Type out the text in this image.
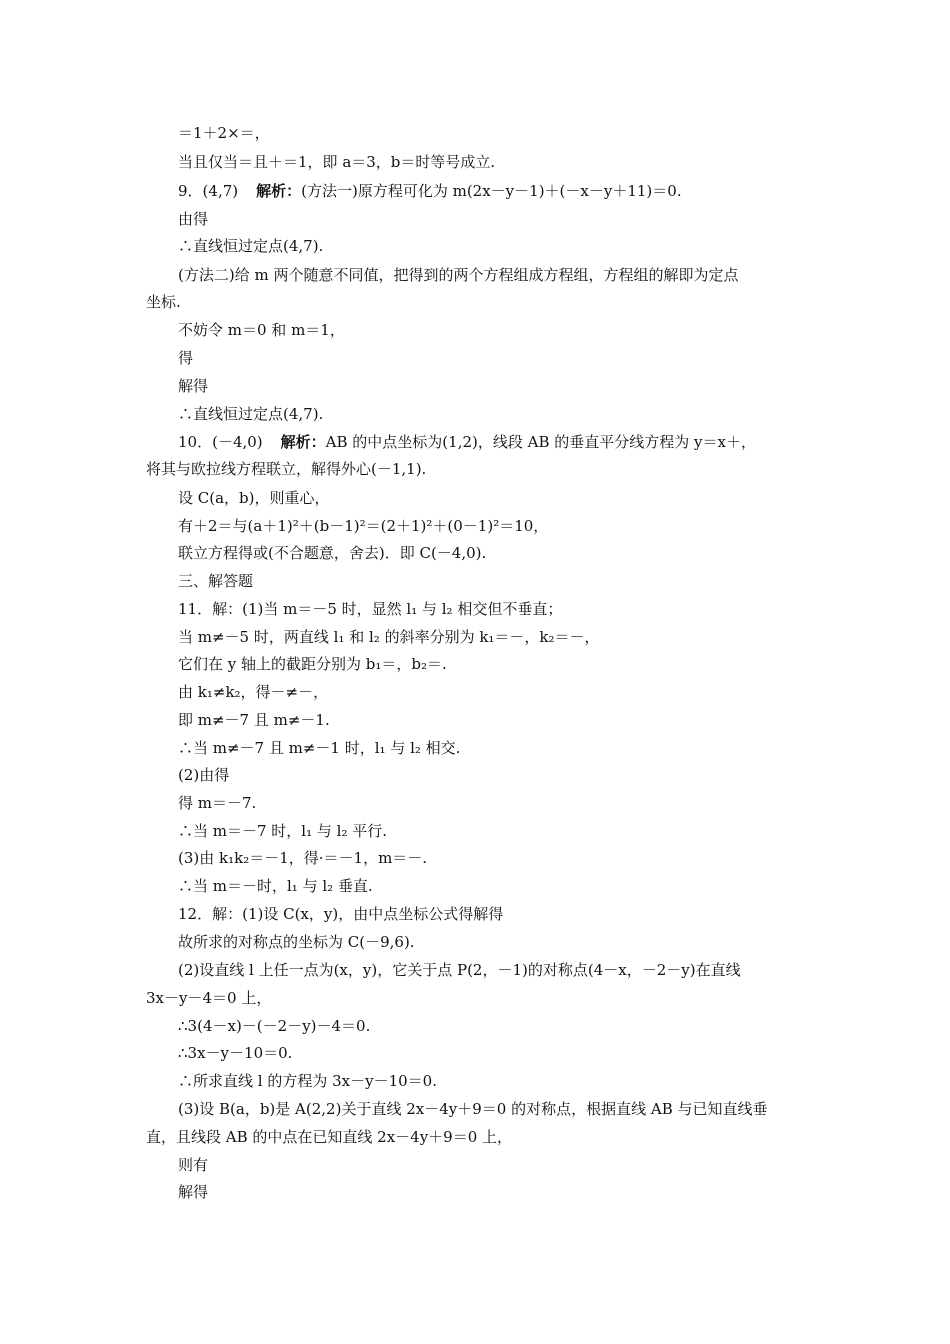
＝1＋2×＝，

当且仅当＝且＋＝1，即 a＝3，b＝时等号成立.

9．(4,7) 解析：(方法一)原方程可化为 m(2x－y－1)＋(－x－y＋11)＝0.

由得

∴直线恒过定点(4,7).

(方法二)给 m 两个随意不同值，把得到的两个方程组成方程组，方程组的解即为定点

坐标.

不妨令 m＝0 和 m＝1，

得

解得

∴直线恒过定点(4,7).

10．(－4,0) 解析：AB 的中点坐标为(1,2)，线段 AB 的垂直平分线方程为 y＝x＋，

将其与欧拉线方程联立，解得外心(－1,1).

设 C(a，b)，则重心，

有＋2＝与(a＋1)²＋(b－1)²＝(2＋1)²＋(0－1)²＝10，

联立方程得或(不合题意，舍去)．即 C(－4,0).

三、解答题

11．解：(1)当 m＝－5 时，显然 l₁ 与 l₂ 相交但不垂直；

当 m≠－5 时，两直线 l₁ 和 l₂ 的斜率分别为 k₁＝－，k₂＝－，

它们在 y 轴上的截距分别为 b₁＝，b₂＝.

由 k₁≠k₂，得－≠－，

即 m≠－7 且 m≠－1.

∴当 m≠－7 且 m≠－1 时，l₁ 与 l₂ 相交.

(2)由得

得 m＝－7.

∴当 m＝－7 时，l₁ 与 l₂ 平行.

(3)由 k₁k₂＝－1，得·＝－1，m＝－.

∴当 m＝－时，l₁ 与 l₂ 垂直.

12．解：(1)设 C(x，y)，由中点坐标公式得解得

故所求的对称点的坐标为 C(－9,6).

(2)设直线 l 上任一点为(x，y)，它关于点 P(2，－1)的对称点(4－x，－2－y)在直线

3x－y－4＝0 上，

∴3(4－x)－(－2－y)－4＝0.

∴3x－y－10＝0.

∴所求直线 l 的方程为 3x－y－10＝0.

(3)设 B(a，b)是 A(2,2)关于直线 2x－4y＋9＝0 的对称点，根据直线 AB 与已知直线垂

直，且线段 AB 的中点在已知直线 2x－4y＋9＝0 上，

则有

解得
